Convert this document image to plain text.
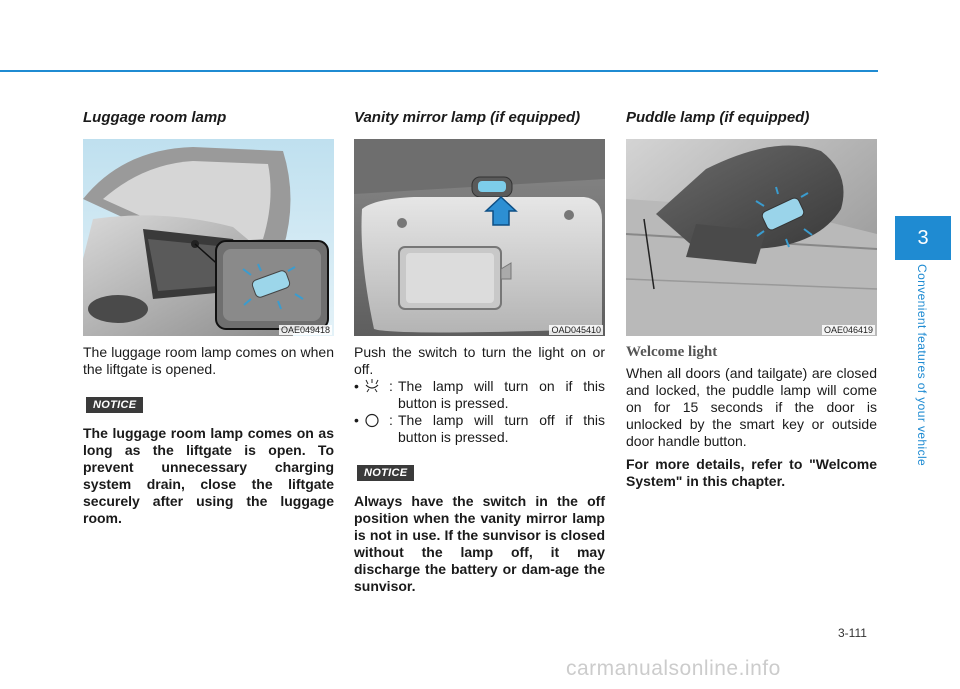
Luggage room lamp
OAE049418

The luggage room lamp comes on when the liftgate is opened.

NOTICE

The luggage room lamp comes on as long as the liftgate is open. To prevent unnecessary charging system drain, close the liftgate securely after using the luggage room.

Vanity mirror lamp (if equipped)
OAD045410

Push the switch to turn the light on or off.

• : The lamp will turn on if this button is pressed.
• : The lamp will turn off if this button is pressed.
NOTICE

Always have the switch in the off position when the vanity mirror lamp is not in use. If the sunvisor is closed without the lamp off, it may discharge the battery or dam-age the sunvisor.

Puddle lamp (if equipped)
OAE046419
Welcome light

When all doors (and tailgate) are closed and locked, the puddle lamp will come on for 15 seconds if the door is unlocked by the smart key or outside door handle button.

For more details, refer to "Welcome System" in this chapter.

3
Convenient features of your vehicle
3-111
carmanualsonline.info
